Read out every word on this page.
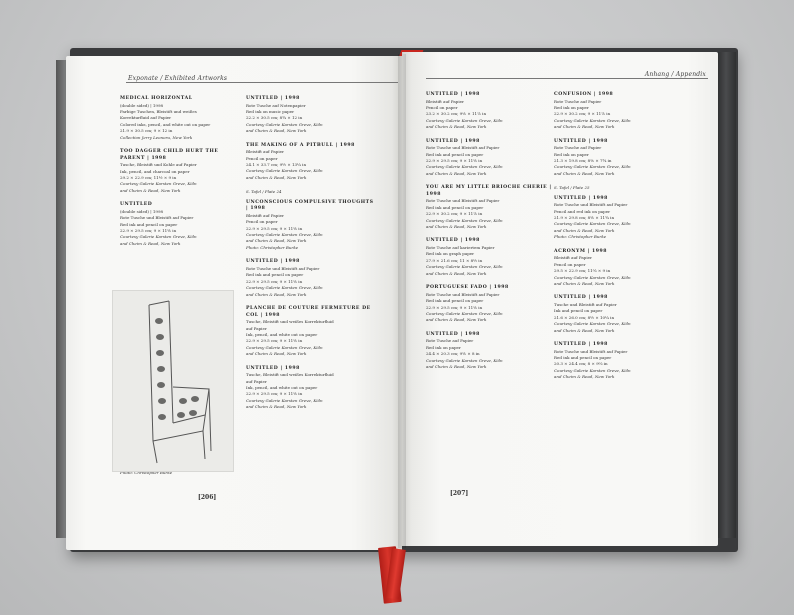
Exponate / Exhibited Artworks
MEDICAL HORIZONTAL
(double sided) | 1998
Farbige Tuschen, Bleistift und weißes
Korrekturfluid auf Papier
Colored inks, pencil, and white out on paper
21.9 × 30.5 cm; 9 × 12 in
Collection Jerry Leonoru, New York
TOO DAGGER CHILD HURT THE PARENT | 1998
Tusche, Bleistift und Kohle auf Papier
Ink, pencil, and charcoal on paper
29.2 × 22.9 cm; 11½ × 9 in
Courtesy Galerie Karsten Greve, Köln
and Cheim & Read, New York
UNTITLED
(double sided) | 1998
Rote Tusche und Bleistift auf Papier
Red ink and pencil on paper
22.9 × 29.5 cm; 9 × 11⅝ in
Courtesy Galerie Karsten Greve, Köln
and Cheim & Read, New York
UNTITLED | 1998
Rote Tusche auf Notenpapier
Red ink on music paper
22.2 × 30.5 cm; 8¾ × 12 in
Courtesy Galerie Karsten Greve, Köln
and Cheim & Read, New York
THE MAKING OF A PITBULL | 1998
Bleistift auf Papier
Pencil on paper
24.1 × 33.7 cm; 9½ × 13¼ in
Courtesy Galerie Karsten Greve, Köln
and Cheim & Read, New York
S. Tafel / Plate 24
UNCONSCIOUS COMPULSIVE THOUGHTS | 1998
Bleistift auf Papier
Pencil on paper
22.9 × 29.5 cm; 9 × 11⅝ in
Courtesy Galerie Karsten Greve, Köln
and Cheim & Read, New York
Photo: Christopher Burke
UNTITLED | 1998
Rote Tusche und Bleistift auf Papier
Red ink and pencil on paper
22.9 × 29.5 cm; 9 × 11⅝ in
Courtesy Galerie Karsten Greve, Köln
and Cheim & Read, New York
PLANCHE DE COUTURE FERMETURE DE COL | 1998
Tusche, Bleistift und weißes Korrekturfluid
auf Papier
Ink, pencil, and white out on paper
22.9 × 29.5 cm; 9 × 11⅝ in
Courtesy Galerie Karsten Greve, Köln
and Cheim & Read, New York
UNTITLED | 1998
Tusche, Bleistift und weißes Korrekturfluid
auf Papier
Ink, pencil, and white out on paper
22.9 × 29.5 cm; 9 × 11⅝ in
Courtesy Galerie Karsten Greve, Köln
and Cheim & Read, New York
[206]
Anhang / Appendix
UNTITLED | 1998
Bleistift auf Papier
Pencil on paper
23.2 × 30.2 cm; 9⅛ × 11⅞ in
Courtesy Galerie Karsten Greve, Köln
and Cheim & Read, New York
UNTITLED | 1998
Rote Tusche und Bleistift auf Papier
Red ink and pencil on paper
22.9 × 29.5 cm; 9 × 11⅝ in
Courtesy Galerie Karsten Greve, Köln
and Cheim & Read, New York
YOU ARE MY LITTLE BRIOCHE CHERIE | 1998
Rote Tusche und Bleistift auf Papier
Red ink and pencil on paper
22.9 × 30.2 cm; 9 × 11⅞ in
Courtesy Galerie Karsten Greve, Köln
and Cheim & Read, New York
UNTITLED | 1998
Rote Tusche auf kariertem Papier
Red ink on graph paper
27.9 × 21.6 cm; 11 × 8½ in
Courtesy Galerie Karsten Greve, Köln
and Cheim & Read, New York
PORTUGUESE FADO | 1998
Rote Tusche und Bleistift auf Papier
Red ink and pencil on paper
22.9 × 29.5 cm; 9 × 11⅝ in
Courtesy Galerie Karsten Greve, Köln
and Cheim & Read, New York
UNTITLED | 1998
Rote Tusche auf Papier
Red ink on paper
24.4 × 20.3 cm; 9⅝ × 8 in
Courtesy Galerie Karsten Greve, Köln
and Cheim & Read, New York
CONFUSION | 1998
Rote Tusche auf Papier
Red ink on paper
22.9 × 30.2 cm; 9 × 11⅞ in
Courtesy Galerie Karsten Greve, Köln
and Cheim & Read, New York
UNTITLED | 1998
Rote Tusche auf Papier
Red ink on paper
21.3 × 19.8 cm; 8⅜ × 7¾ in
Courtesy Galerie Karsten Greve, Köln
and Cheim & Read, New York
S. Tafel / Plate 25
UNTITLED | 1998
Rote Tusche und Bleistift auf Papier
Pencil and red ink on paper
21.9 × 29.8 cm; 8⅝ × 11¾ in
Courtesy Galerie Karsten Greve, Köln
and Cheim & Read, New York
Photo: Christopher Burke
ACRONYM | 1998
Bleistift auf Papier
Pencil on paper
29.5 × 22.9 cm; 11⅝ × 9 in
Courtesy Galerie Karsten Greve, Köln
and Cheim & Read, New York
UNTITLED | 1998
Tusche und Bleistift auf Papier
Ink and pencil on paper
21.6 × 26.0 cm; 8½ × 10¼ in
Courtesy Galerie Karsten Greve, Köln
and Cheim & Read, New York
UNTITLED | 1998
Rote Tusche und Bleistift auf Papier
Red ink and pencil on paper
20.3 × 24.4 cm; 8 × 9⅝ in
Courtesy Galerie Karsten Greve, Köln
and Cheim & Read, New York
[207]
